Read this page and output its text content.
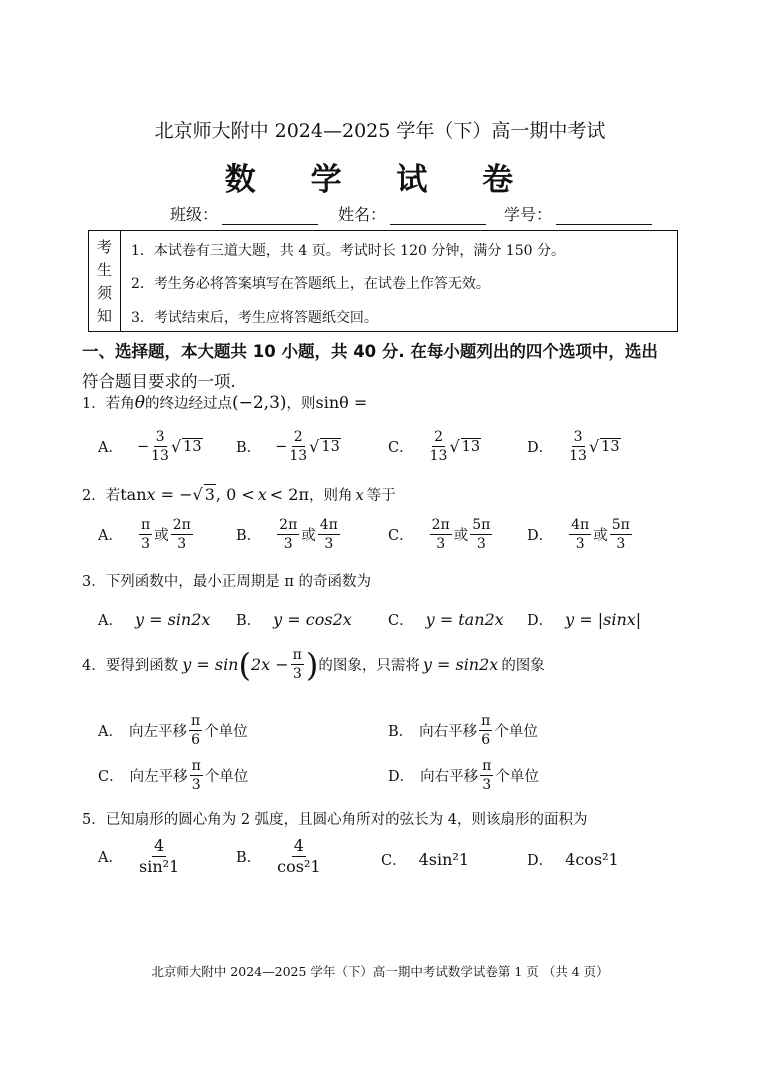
北京师大附中 2024—2025 学年（下）高一期中考试
数 学 试 卷
班级：	姓名：	学号：
考
生
须
知
1．本试卷有三道大题，共 4 页。考试时长 120 分钟，满分 150 分。
2．考生务必将答案填写在答题纸上，在试卷上作答无效。
3．考试结束后，考生应将答题纸交回。
一、选择题，本大题共 10 小题，共 40 分. 在每小题列出的四个选项中，选出
符合题目要求的一项.
1．若角θ的终边经过点(−2,3)，则sinθ =
A． − $\frac{3}{13}$ √ 13 B． − $\frac{2}{13}$ √ 13	C． $\frac{2}{13}$ √ 13	D． $\frac{3}{13}$ √ 13
2．若tanx = −√ 3, 0 < x < 2π，则角 x 等于
A． $\frac{\pi}{3}$ 或 $\frac{2\pi}{3}$	B． $\frac{2\pi}{3}$ 或 $\frac{4\pi}{3}$	C． $\frac{2\pi}{3}$ 或 $\frac{5\pi}{3}$ D． $\frac{4\pi}{3}$ 或 $\frac{5\pi}{3}$
3．下列函数中，最小正周期是 π 的奇函数为
A． y = sin2x B． y = cos2x C． y = tan2x D． y = |sinx|
4．要得到函数 y = sin ( $2x - \frac{\pi}{3}$ ) 的图象，只需将 y = sin2x 的图象
A． 向左平移 $\frac{\pi}{6}$ 个单位	B． 向右平移 $\frac{\pi}{6}$ 个单位
C． 向左平移 $\frac{\pi}{3}$ 个单位	D． 向右平移 $\frac{\pi}{3}$ 个单位
5．已知扇形的圆心角为 2 弧度，且圆心角所对的弦长为 4，则该扇形的面积为
A． $\frac{4}{\text{sin²1}}$	B． $\frac{4}{\text{cos²1}}$	C． 4sin²1	D． 4cos²1
北京师大附中 2024—2025 学年（下）高一期中考试数学试卷第 1 页 （共 4 页）
